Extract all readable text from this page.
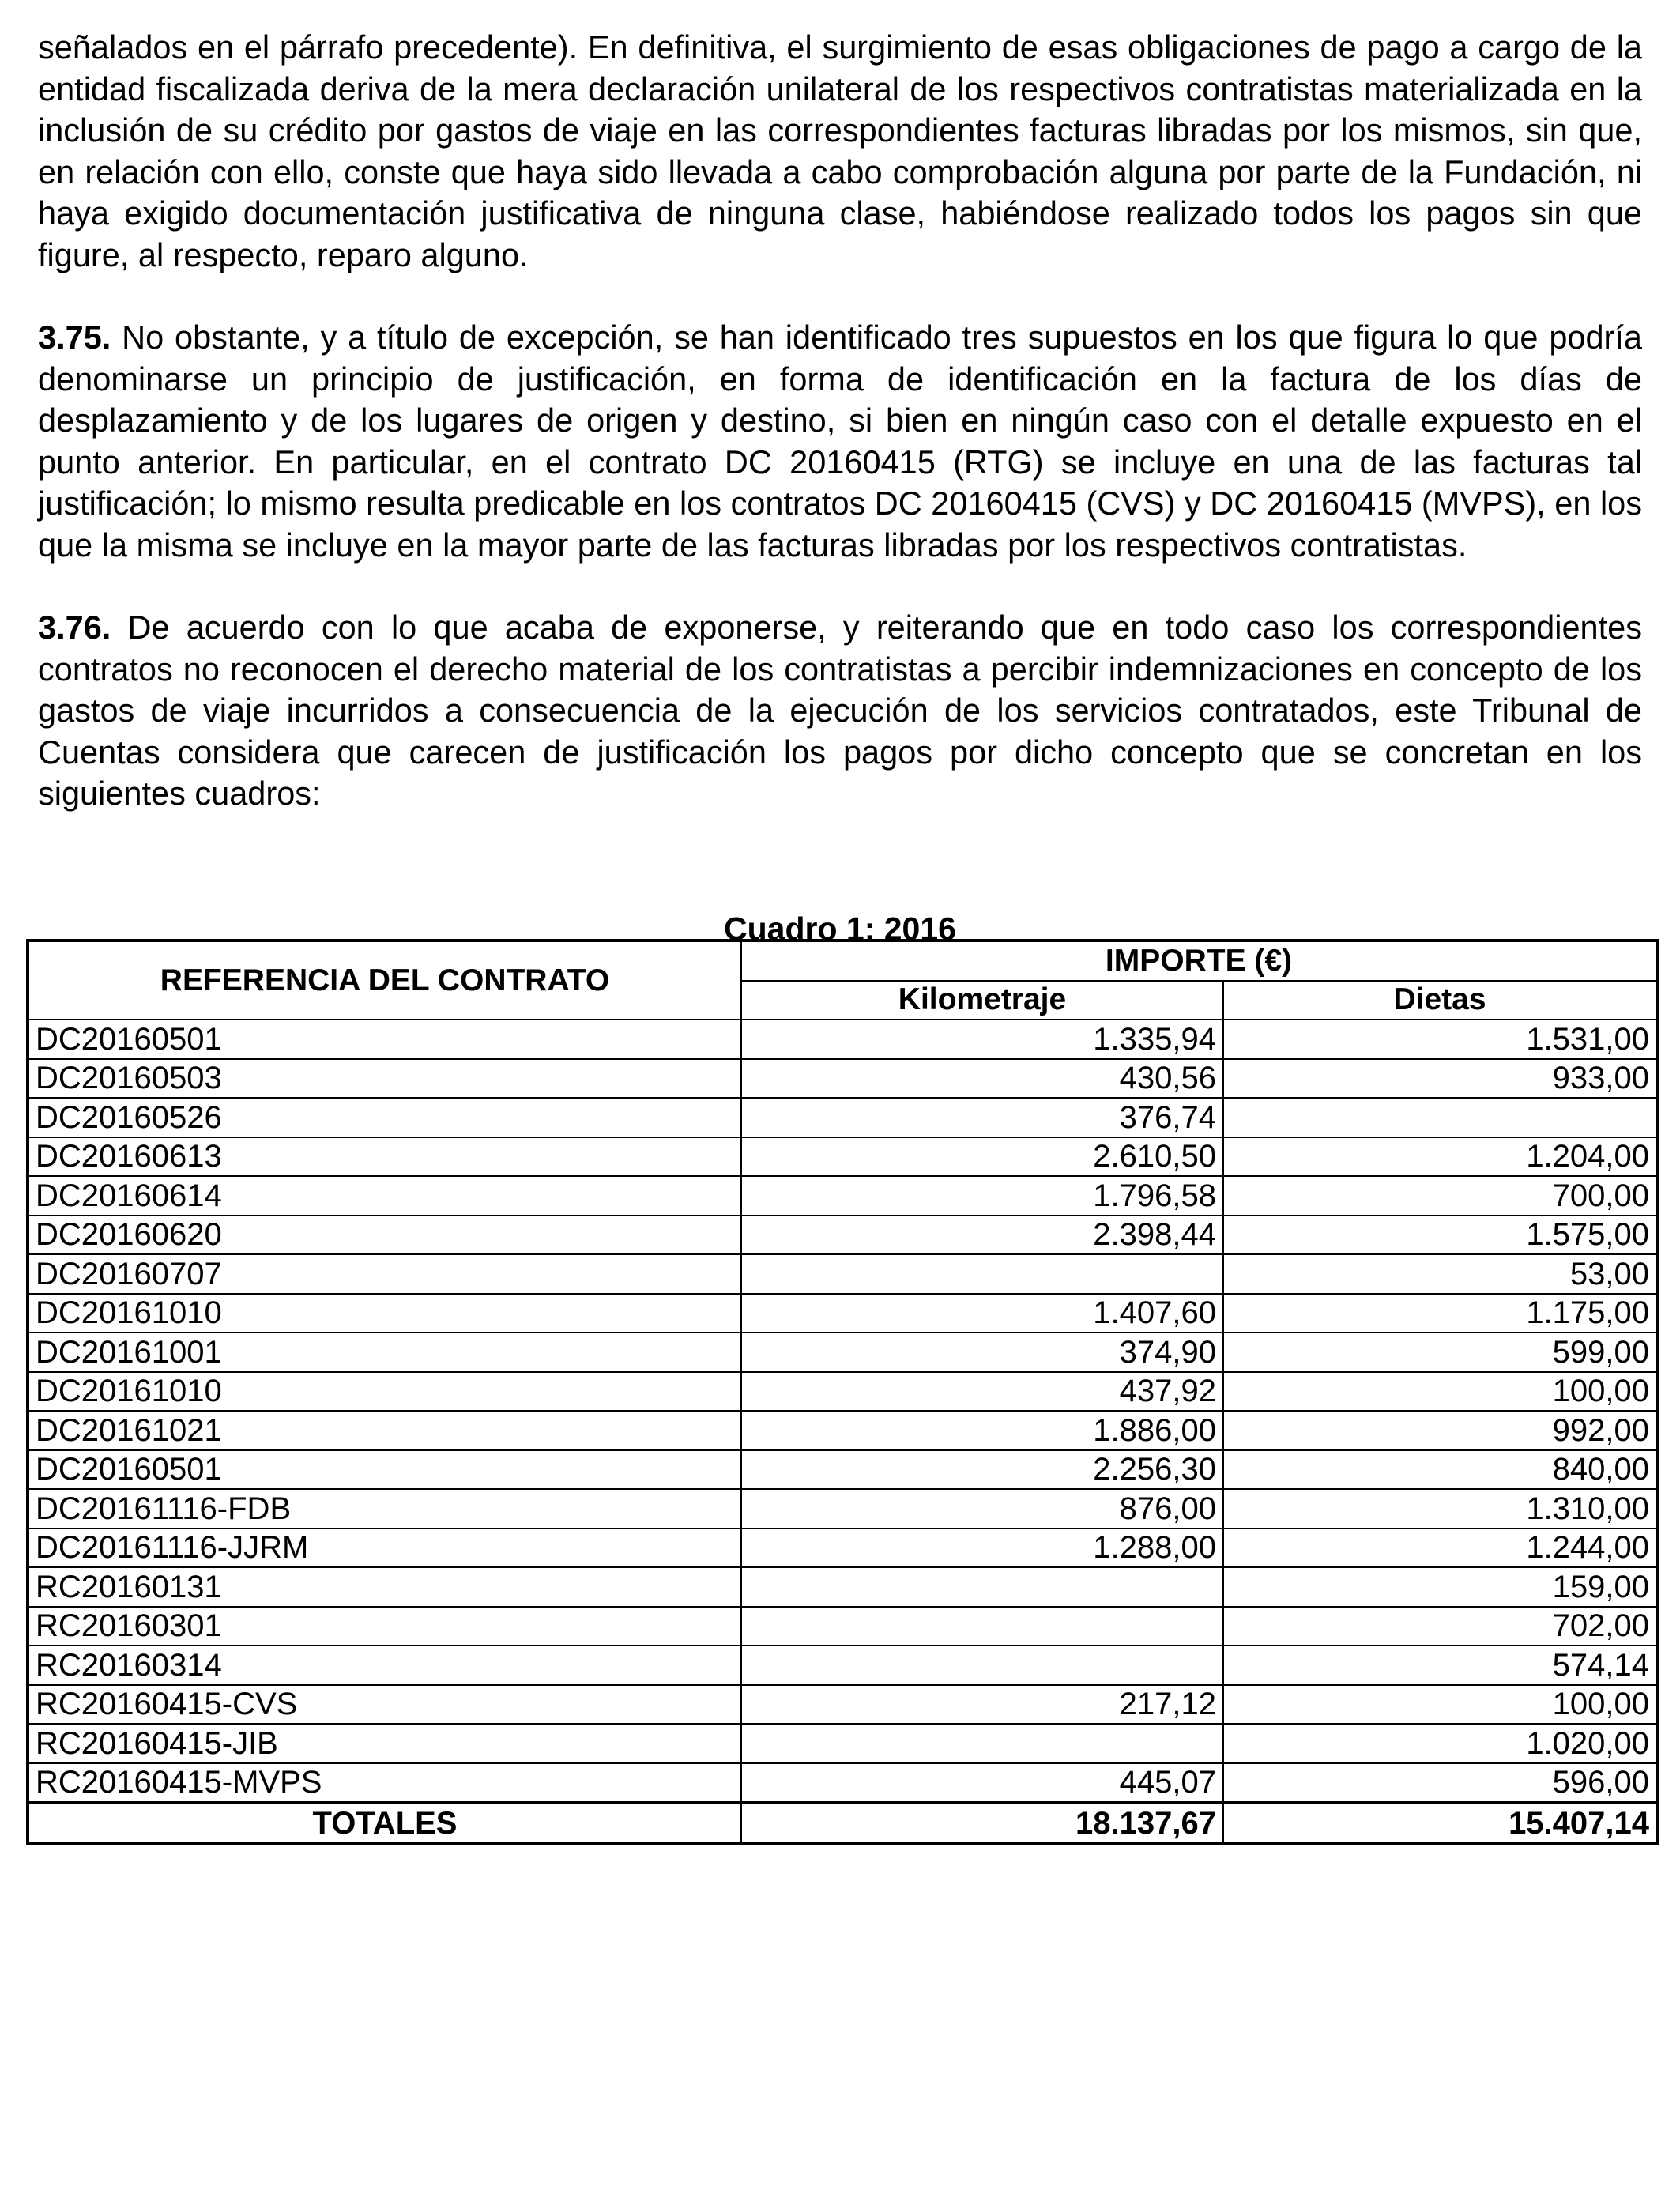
señalados en el párrafo precedente). En definitiva, el surgimiento de esas obligaciones de pago a cargo de la entidad fiscalizada deriva de la mera declaración unilateral de los respectivos contratistas materializada en la inclusión de su crédito por gastos de viaje en las correspondientes facturas libradas por los mismos, sin que, en relación con ello, conste que haya sido llevada a cabo comprobación alguna por parte de la Fundación, ni haya exigido documentación justificativa de ninguna clase, habiéndose realizado todos los pagos sin que figure, al respecto, reparo alguno.

3.75. No obstante, y a título de excepción, se han identificado tres supuestos en los que figura lo que podría denominarse un principio de justificación, en forma de identificación en la factura de los días de desplazamiento y de los lugares de origen y destino, si bien en ningún caso con el detalle expuesto en el punto anterior. En particular, en el contrato DC 20160415 (RTG) se incluye en una de las facturas tal justificación; lo mismo resulta predicable en los contratos DC 20160415 (CVS) y DC 20160415 (MVPS), en los que la misma se incluye en la mayor parte de las facturas libradas por los respectivos contratistas.

3.76. De acuerdo con lo que acaba de exponerse, y reiterando que en todo caso los correspondientes contratos no reconocen el derecho material de los contratistas a percibir indemnizaciones en concepto de los gastos de viaje incurridos a consecuencia de la ejecución de los servicios contratados, este Tribunal de Cuentas considera que carecen de justificación los pagos por dicho concepto que se concretan en los siguientes cuadros:

Cuadro 1: 2016
REFERENCIA DEL CONTRATO	IMPORTE (€)	
	Kilometraje	Dietas
DC20160501	1.335,94	1.531,00
DC20160503	430,56	933,00
DC20160526	376,74	
DC20160613	2.610,50	1.204,00
DC20160614	1.796,58	700,00
DC20160620	2.398,44	1.575,00
DC20160707		53,00
DC20161010	1.407,60	1.175,00
DC20161001	374,90	599,00
DC20161010	437,92	100,00
DC20161021	1.886,00	992,00
DC20160501	2.256,30	840,00
DC20161116-FDB	876,00	1.310,00
DC20161116-JJRM	1.288,00	1.244,00
RC20160131		159,00
RC20160301		702,00
RC20160314		574,14
RC20160415-CVS	217,12	100,00
RC20160415-JIB		1.020,00
RC20160415-MVPS	445,07	596,00
TOTALES	18.137,67	15.407,14
